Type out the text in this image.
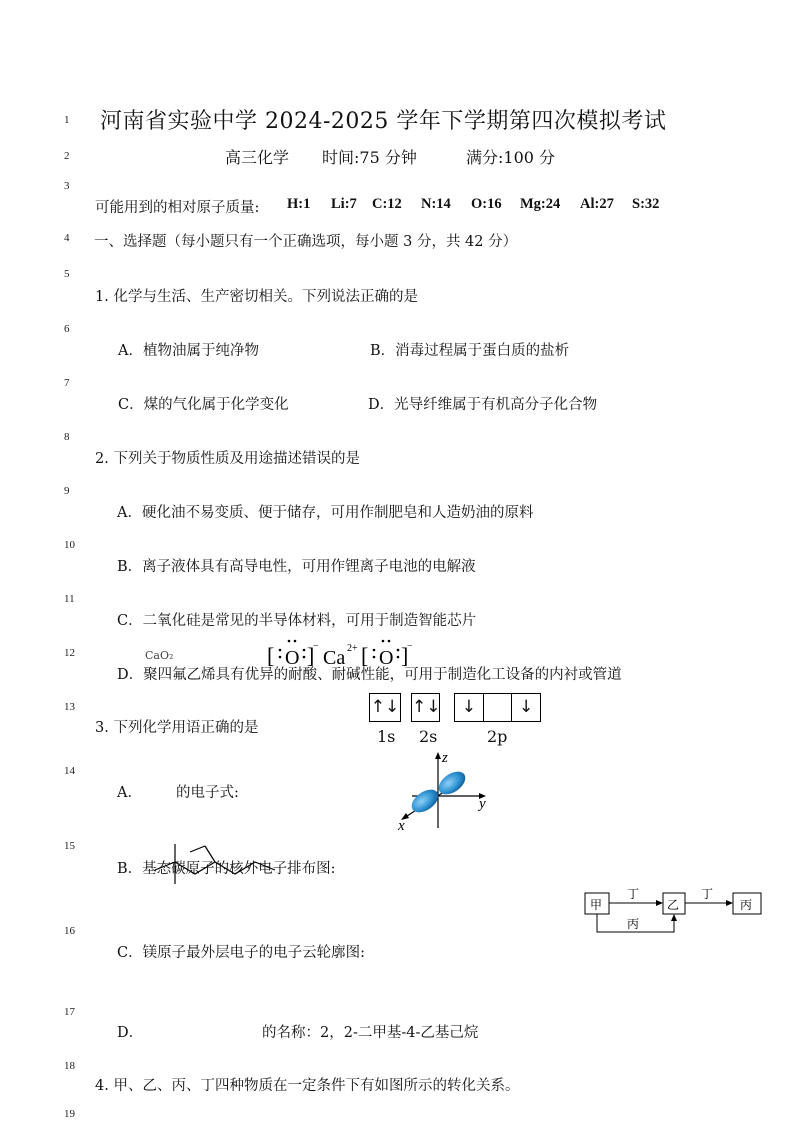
1
2
3
4
5
6
7
8
9
10
11
12
13
14
15
16
17
18
19
河南省实验中学 2024-2025 学年下学期第四次模拟考试
高三化学 时间:75 分钟	满分:100 分
可能用到的相对原子质量: H:1 Li:7 C:12 N:14 O:16 Mg:24 Al:27 S:32
一、选择题（每小题只有一个正确选项，每小题 3 分，共 42 分）
1. 化学与生活、生产密切相关。下列说法正确的是
A．植物油属于纯净物	B．消毒过程属于蛋白质的盐析
C．煤的气化属于化学变化	D．光导纤维属于有机高分子化合物
2. 下列关于物质性质及用途描述错误的是
A．硬化油不易变质、便于储存，可用作制肥皂和人造奶油的原料
B．离子液体具有高导电性，可用作锂离子电池的电解液
C．二氧化硅是常见的半导体材料，可用于制造智能芯片
CaO₂	[ O ]
−
Ca 2+ [ O ]
−
D．聚四氟乙烯具有优异的耐酸、耐碱性能，可用于制造化工设备的内衬或管道
3. 下列化学用语正确的是
↑↓ ↑↓	↓	↓
1s 2s	2p
A． 的电子式:
z
y
x
B．基态碳原子的核外电子排布图:
甲
丁
乙
丁
丙
丙
C．镁原子最外层电子的电子云轮廓图:
D．	的名称：2，2-二甲基-4-乙基己烷
4. 甲、乙、丙、丁四种物质在一定条件下有如图所示的转化关系。
